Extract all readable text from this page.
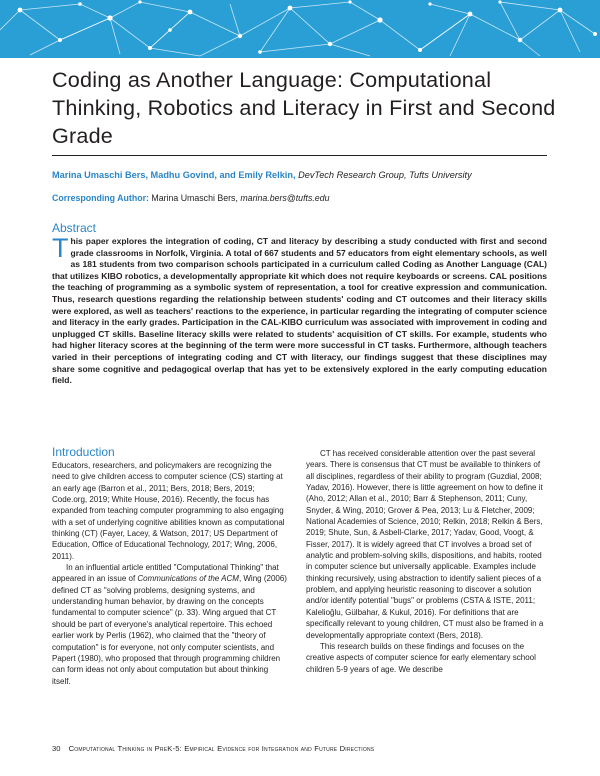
Coding as Another Language: Computational Thinking, Robotics and Literacy in First and Second Grade
Marina Umaschi Bers, Madhu Govind, and Emily Relkin, DevTech Research Group, Tufts University
Corresponding Author: Marina Umaschi Bers, marina.bers@tufts.edu
Abstract
This paper explores the integration of coding, CT and literacy by describing a study conducted with first and second grade classrooms in Norfolk, Virginia. A total of 667 students and 57 educators from eight elementary schools, as well as 181 students from two comparison schools participated in a curriculum called Coding as Another Language (CAL) that utilizes KIBO robotics, a developmentally appropriate kit which does not require keyboards or screens. CAL positions the teaching of programming as a symbolic system of representation, a tool for creative expression and communication. Thus, research questions regarding the relationship between students' coding and CT outcomes and their literacy skills were explored, as well as teachers' reactions to the experience, in particular regarding the integrating of computer science and literacy in the early grades. Participation in the CAL-KIBO curriculum was associated with improvement in coding and unplugged CT skills. Baseline literacy skills were related to students' acquisition of CT skills. For example, students who had higher literacy scores at the beginning of the term were more successful in CT tasks. Furthermore, although teachers varied in their perceptions of integrating coding and CT with literacy, our findings suggest that these disciplines may share some cognitive and pedagogical overlap that has yet to be extensively explored in the early computing education field.
Introduction

Educators, researchers, and policymakers are recognizing the need to give children access to computer science (CS) starting at an early age (Barron et al., 2011; Bers, 2018; Bers, 2019; Code.org, 2019; White House, 2016). Recently, the focus has expanded from teaching computer programming to also engaging with a set of underlying cognitive abilities known as computational thinking (CT) (Fayer, Lacey, & Watson, 2017; US Department of Education, Office of Educational Technology, 2017; Wing, 2006, 2011).

In an influential article entitled "Computational Thinking" that appeared in an issue of Communications of the ACM, Wing (2006) defined CT as "solving problems, designing systems, and understanding human behavior, by drawing on the concepts fundamental to computer science" (p. 33). Wing argued that CT should be part of everyone's analytical repertoire. This echoed earlier work by Perlis (1962), who claimed that the "theory of computation" is for everyone, not only computer scientists, and Papert (1980), who proposed that through programming children can form ideas not only about computation but about thinking itself.

CT has received considerable attention over the past several years. There is consensus that CT must be available to thinkers of all disciplines, regardless of their ability to program (Guzdial, 2008; Yadav, 2016). However, there is little agreement on how to define it (Aho, 2012; Allan et al., 2010; Barr & Stephenson, 2011; Cuny, Snyder, & Wing, 2010; Grover & Pea, 2013; Lu & Fletcher, 2009; National Academies of Science, 2010; Relkin, 2018; Relkin & Bers, 2019; Shute, Sun, & Asbell-Clarke, 2017; Yadav, Good, Voogt, & Fisser, 2017). It is widely agreed that CT involves a broad set of analytic and problem-solving skills, dispositions, and habits, rooted in computer science but universally applicable. Examples include thinking recursively, using abstraction to identify salient pieces of a problem, and applying heuristic reasoning to discover a solution and/or identify potential "bugs" or problems (CSTA & ISTE, 2011; Kalelioğlu, Gülbahar, & Kukul, 2016). For definitions that are specifically relevant to young children, CT must also be framed in a developmentally appropriate context (Bers, 2018).

This research builds on these findings and focuses on the creative aspects of computer science for early elementary school children 5-9 years of age. We describe

30 Computational Thinking in PreK-5: Empirical Evidence for Integration and Future Directions
